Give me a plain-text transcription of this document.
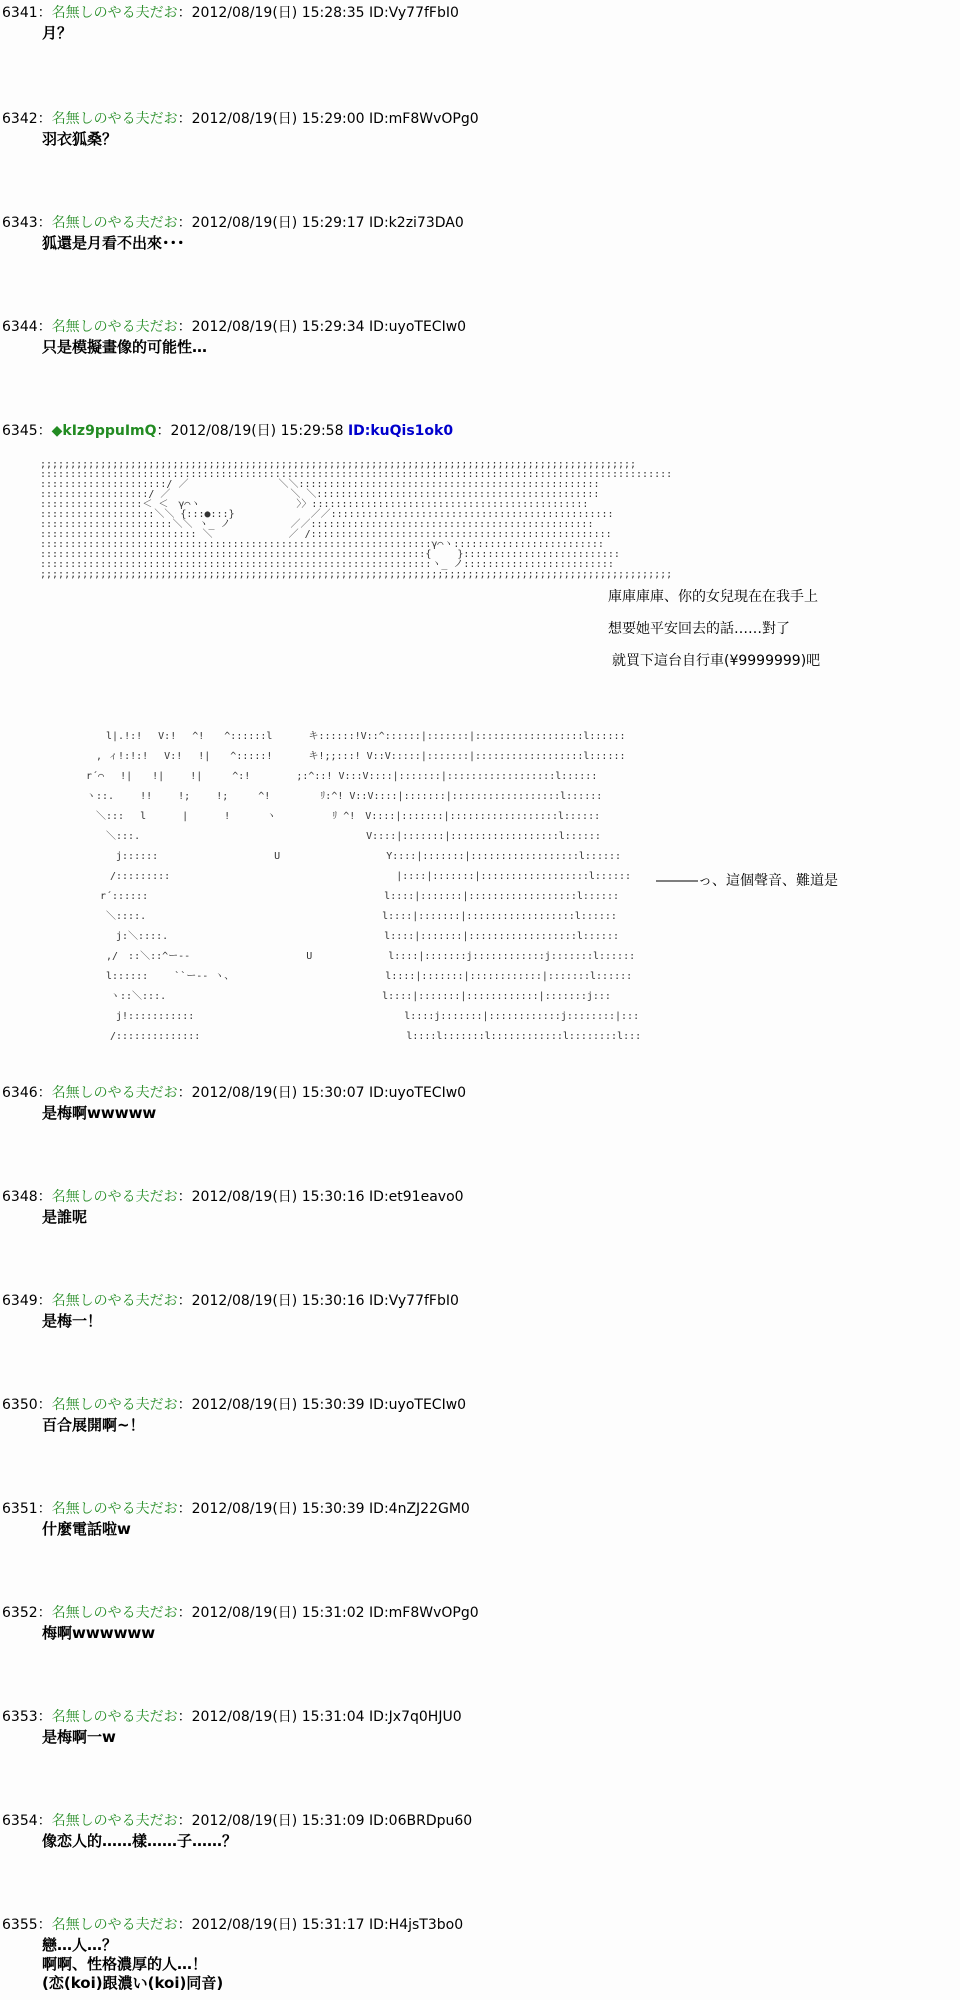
6341：名無しのやる夫だお：2012/08/19(日) 15:28:35 ID:Vy77fFbI0
月？
6342：名無しのやる夫だお：2012/08/19(日) 15:29:00 ID:mF8WvOPg0
羽衣狐桑？
6343：名無しのやる夫だお：2012/08/19(日) 15:29:17 ID:k2zi73DA0
狐還是月看不出來･･･
6344：名無しのやる夫だお：2012/08/19(日) 15:29:34 ID:uyoTECIw0
只是模擬畫像的可能性…
6346：名無しのやる夫だお：2012/08/19(日) 15:30:07 ID:uyoTECIw0
是梅啊wwwww
6348：名無しのやる夫だお：2012/08/19(日) 15:30:16 ID:et91eavo0
是誰呢
6349：名無しのやる夫だお：2012/08/19(日) 15:30:16 ID:Vy77fFbI0
是梅一！
6350：名無しのやる夫だお：2012/08/19(日) 15:30:39 ID:uyoTECIw0
百合展開啊~！
6351：名無しのやる夫だお：2012/08/19(日) 15:30:39 ID:4nZJ22GM0
什麼電話啦w
6352：名無しのやる夫だお：2012/08/19(日) 15:31:02 ID:mF8WvOPg0
梅啊wwwwww
6353：名無しのやる夫だお：2012/08/19(日) 15:31:04 ID:Jx7q0HJU0
是梅啊一w
6354：名無しのやる夫だお：2012/08/19(日) 15:31:09 ID:06BRDpu60
像恋人的……樣……子……？
6355：名無しのやる夫だお：2012/08/19(日) 15:31:17 ID:H4jsT3bo0
戀…人…？
啊啊、性格濃厚的人…！
(恋(koi)跟濃い(koi)同音)
6345：◆kIz9ppuImQ：2012/08/19(日) 15:29:58 ID:kuQis1ok0
;;;;;;;;;;;;;;;;;;;;;;;;;;;;;;;;;;;;;;;;;;;;;;;;;;;;;;;;;;;;;;;;;;;;;;;;;;;;;;;;;;;;;;;;;;;;;;;;;;;
:::::::::::::::::::::::::::::::::::::::::::::::::::::::::::::::::::::::::::::::::::::::::::::::::::::::::
:::::::::::::::::::::/ ／　　　　　　　　　＼＼::::::::::::::::::::::::::::::::::::::::::::::::::
::::::::::::::::::/ ／　　　　　　　　　　　　＼ ＼:::::::::::::::::::::::::::::::::::::::::::::::
:::::::::::::::::＜ ＜　γ⌒ヽ　　　　　　　　　 〉〉::::::::::::::::::::::::::::::::::::::::::::::
:::::::::::::::::::＼＼ {:::●:::}　　　　　　　 ／／:::::::::::::::::::::::::::::::::::::::::::::::
::::::::::::::::::::::＼＼ ヽ_ ノ　　　　　　／／:::::::::::::::::::::::::::::::::::::::::::::::
:::::::::::::::::::::::::: ＼　　　　　　　 ／ /::::::::::::::::::::::::::::::::::::::::::::::::::
:::::::::::::::::::::::::::::::::::::::::::::::::::::::::::::::::γ⌒ヽ:::::::::::::::::::::::::
::::::::::::::::::::::::::::::::::::::::::::::::::::::::::::::::{　　 }::::::::::::::::::::::::::
:::::::::::::::::::::::::::::::::::::::::::::::::::::::::::::::::ヽ_ ノ:::::::::::::::::::::::::
;;;;;;;;;;;;;;;;;;;;;;;;;;;;;;;;;;;;;;;;;;;;;;;;;;;;;;;;;;;;;;;;;;;;;;;;;;;;;;;;;;;;;;;;;;;;;;;;;;;;;;;;;
　　　　　 l|.!:!　 V:!　 ^!　　^::::::l　　　 キ::::::!V::^::::::|:::::::|::::::::::::::::::l::::::
　　　　 , ィ!:!:!　 V:!　 !|　　^:::::!　　　 キ!;;:::! V::V:::::|:::::::|::::::::::::::::::l::::::
　　　 r´⌒　 !|　　!|　　 !|　　　^:!　　　　 ;:^::! V:::V::::|:::::::|::::::::::::::::::l::::::
　　　 ヽ::.　　 !!　　 !;　　 !;　　　^!　　　　　ﾘ:^! V::V::::|:::::::|::::::::::::::::::l::::::
　　　　 ＼:::　 l　　　 |　　　 !　　　 ヽ　　　　　 ﾘ ^!　V::::|:::::::|::::::::::::::::::l::::::
　　　　　 ＼:::.　　　　　　　　　　　　　　　　　　　　　　 V::::|:::::::|::::::::::::::::::l::::::
　　　　　　 j::::::　　　　　　　　　　　 U　　　　　　　　　　 Y::::|:::::::|::::::::::::::::::l::::::
　　　　　　/:::::::::　　　　　　　　　　　　　　　　　　　　　　 |::::|:::::::|::::::::::::::::::l::::::
　　　　　r´::::::　　　　　　　　　　　　　　　　　　　　　　　 l::::|:::::::|::::::::::::::::::l::::::
　　　　　 ＼::::.　　　　　　　　　　　　　　　　　　　　　　　 l::::|:::::::|::::::::::::::::::l::::::
　　　　　　 j:＼::::.　　　　　　　　　　　　　　　　　　　　　 l::::|:::::::|::::::::::::::::::l::::::
　　　　　 ,/　::＼::^ー--　　　　　　　　　　　 U　　　　　　　 l::::|:::::::j::::::::::::j:::::::l::::::
　　　　　 l::::::　　 ``ー-- ヽ、　　　　　　　　　　　　　　　 l::::|:::::::|::::::::::::|:::::::l::::::
　　　　　　ヽ::＼:::.　　　　　　　　　　　　　　　　　　　　　 l::::|:::::::|::::::::::::|:::::::j:::
　　　　　　 j!:::::::::::　　　　　　　　　　　　　　　　　　　　　l::::j:::::::|::::::::::::j::::::::|:::
　　　　　　/::::::::::::::　　　　　　　　　　　　　　　　　　　　 l::::l:::::::l::::::::::::l::::::::l:::
庫庫庫庫、你的女兒現在在我手上
想要她平安回去的話……對了
就買下這台自行車(¥9999999)吧
―――っ、這個聲音、難道是
